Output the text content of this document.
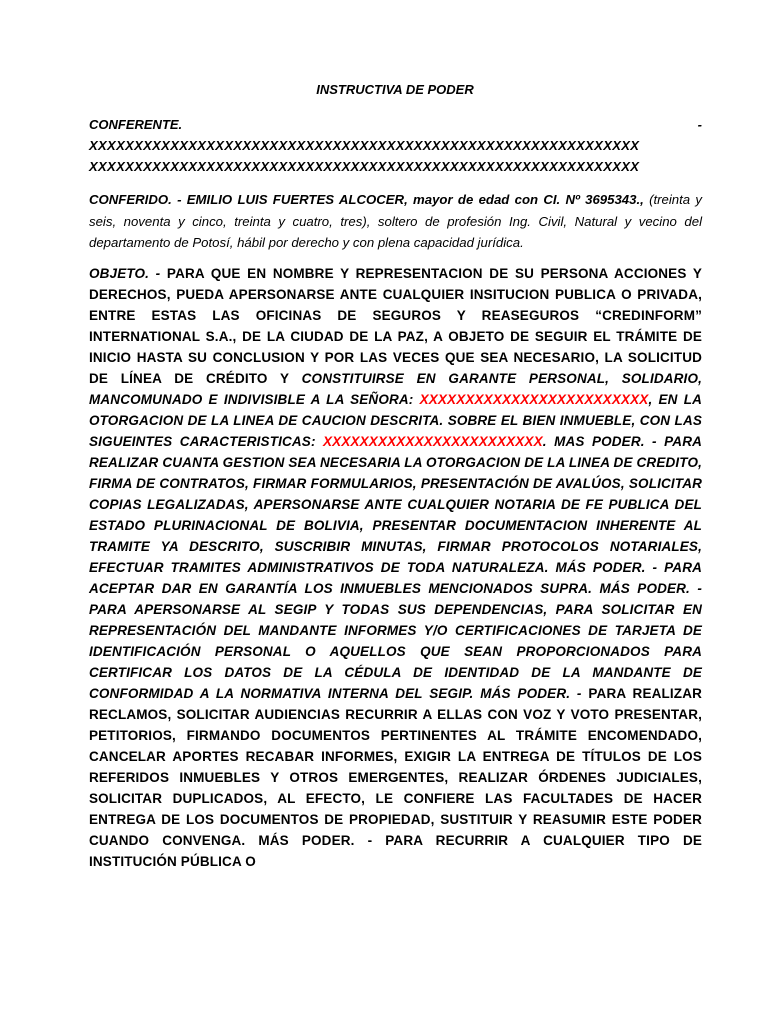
INSTRUCTIVA DE PODER
CONFERENTE.	-
XXXXXXXXXXXXXXXXXXXXXXXXXXXXXXXXXXXXXXXXXXXXXXXXXXXXXXXXXXXXX
XXXXXXXXXXXXXXXXXXXXXXXXXXXXXXXXXXXXXXXXXXXXXXXXXXXXXXXXXXXXX
CONFERIDO. - EMILIO LUIS FUERTES ALCOCER, mayor de edad con CI. Nº 3695343., (treinta y seis, noventa y cinco, treinta y cuatro, tres), soltero de profesión Ing. Civil, Natural y vecino del departamento de Potosí, hábil por derecho y con plena capacidad jurídica.
OBJETO. - PARA QUE EN NOMBRE Y REPRESENTACION DE SU PERSONA ACCIONES Y DERECHOS, PUEDA APERSONARSE ANTE CUALQUIER INSITUCION PUBLICA O PRIVADA, ENTRE ESTAS LAS OFICINAS DE SEGUROS Y REASEGUROS “CREDINFORM” INTERNATIONAL S.A., DE LA CIUDAD DE LA PAZ, A OBJETO DE SEGUIR EL TRÁMITE DE INICIO HASTA SU CONCLUSION Y POR LAS VECES QUE SEA NECESARIO, LA SOLICITUD DE LÍNEA DE CRÉDITO Y CONSTITUIRSE EN GARANTE PERSONAL, SOLIDARIO, MANCOMUNADO E INDIVISIBLE A LA SEÑORA: XXXXXXXXXXXXXXXXXXXXXXXXX, EN LA OTORGACION DE LA LINEA DE CAUCION DESCRITA. SOBRE EL BIEN INMUEBLE, CON LAS SIGUEINTES CARACTERISTICAS: XXXXXXXXXXXXXXXXXXXXXXXX. MAS PODER. - PARA REALIZAR CUANTA GESTION SEA NECESARIA LA OTORGACION DE LA LINEA DE CREDITO, FIRMA DE CONTRATOS, FIRMAR FORMULARIOS, PRESENTACIÓN DE AVALÚOS, SOLICITAR COPIAS LEGALIZADAS, APERSONARSE ANTE CUALQUIER NOTARIA DE FE PUBLICA DEL ESTADO PLURINACIONAL DE BOLIVIA, PRESENTAR DOCUMENTACION INHERENTE AL TRAMITE YA DESCRITO, SUSCRIBIR MINUTAS, FIRMAR PROTOCOLOS NOTARIALES, EFECTUAR TRAMITES ADMINISTRATIVOS DE TODA NATURALEZA. MÁS PODER. - PARA ACEPTAR DAR EN GARANTÍA LOS INMUEBLES MENCIONADOS SUPRA. MÁS PODER. - PARA APERSONARSE AL SEGIP Y TODAS SUS DEPENDENCIAS, PARA SOLICITAR EN REPRESENTACIÓN DEL MANDANTE INFORMES Y/O CERTIFICACIONES DE TARJETA DE IDENTIFICACIÓN PERSONAL O AQUELLOS QUE SEAN PROPORCIONADOS PARA CERTIFICAR LOS DATOS DE LA CÉDULA DE IDENTIDAD DE LA MANDANTE DE CONFORMIDAD A LA NORMATIVA INTERNA DEL SEGIP. MÁS PODER. - PARA REALIZAR RECLAMOS, SOLICITAR AUDIENCIAS RECURRIR A ELLAS CON VOZ Y VOTO PRESENTAR, PETITORIOS, FIRMANDO DOCUMENTOS PERTINENTES AL TRÁMITE ENCOMENDADO, CANCELAR APORTES RECABAR INFORMES, EXIGIR LA ENTREGA DE TÍTULOS DE LOS REFERIDOS INMUEBLES Y OTROS EMERGENTES, REALIZAR ÓRDENES JUDICIALES, SOLICITAR DUPLICADOS, AL EFECTO, LE CONFIERE LAS FACULTADES DE HACER ENTREGA DE LOS DOCUMENTOS DE PROPIEDAD, SUSTITUIR Y REASUMIR ESTE PODER CUANDO CONVENGA. MÁS PODER. - PARA RECURRIR A CUALQUIER TIPO DE INSTITUCIÓN PÚBLICA O
